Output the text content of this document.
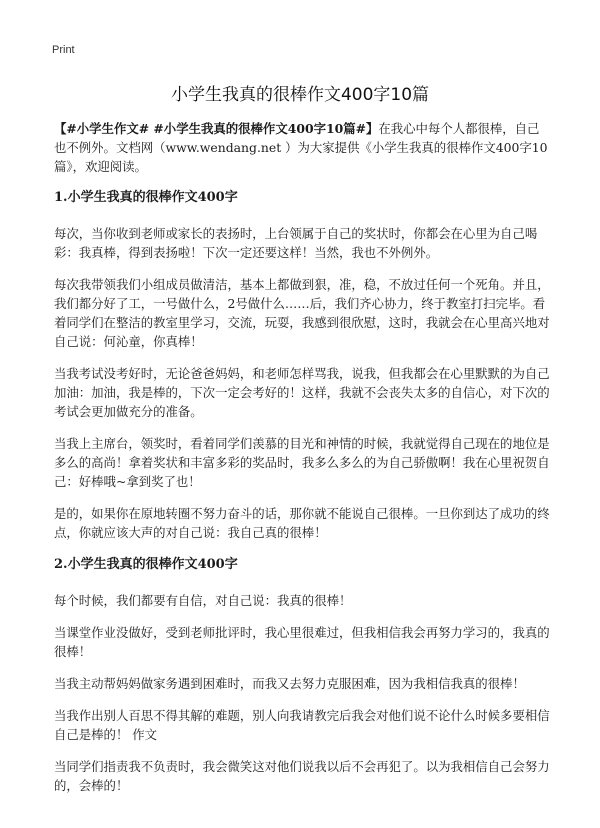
Print
小学生我真的很棒作文400字10篇

【#小学生作文# #小学生我真的很棒作文400字10篇#】在我心中每个人都很棒，自己也不例外。文档网（www.wendang.net ）为大家提供《小学生我真的很棒作文400字10篇》，欢迎阅读。

1.小学生我真的很棒作文400字

每次，当你收到老师或家长的表扬时，上台领属于自己的奖状时，你都会在心里为自己喝彩：我真棒，得到表扬啦！下次一定还要这样！当然，我也不外例外。

每次我带领我们小组成员做清洁，基本上都做到狠，准，稳，不放过任何一个死角。并且，我们都分好了工，一号做什么，2号做什么……后，我们齐心协力，终于教室打扫完毕。看着同学们在整洁的教室里学习，交流，玩耍，我感到很欣慰，这时，我就会在心里高兴地对自己说：何沁童，你真棒！

当我考试没考好时，无论爸爸妈妈，和老师怎样骂我，说我，但我都会在心里默默的为自己加油：加油，我是棒的，下次一定会考好的！这样，我就不会丧失太多的自信心，对下次的考试会更加做充分的准备。

当我上主席台，领奖时，看着同学们羡慕的目光和神情的时候，我就觉得自己现在的地位是多么的高尚！拿着奖状和丰富多彩的奖品时，我多么多么的为自己骄傲啊！我在心里祝贺自己：好棒哦~拿到奖了也！

是的，如果你在原地转圈不努力奋斗的话，那你就不能说自己很棒。一旦你到达了成功的终点，你就应该大声的对自己说：我自己真的很棒！

2.小学生我真的很棒作文400字

每个时候，我们都要有自信，对自己说：我真的很棒！

当课堂作业没做好，受到老师批评时，我心里很难过，但我相信我会再努力学习的，我真的很棒！

当我主动帮妈妈做家务遇到困难时，而我又去努力克服困难，因为我相信我真的很棒！

当我作出别人百思不得其解的难题，别人向我请教完后我会对他们说不论什么时候多要相信自己是棒的！ 作文

当同学们指责我不负责时，我会微笑这对他们说我以后不会再犯了。以为我相信自己会努力的，会棒的！
